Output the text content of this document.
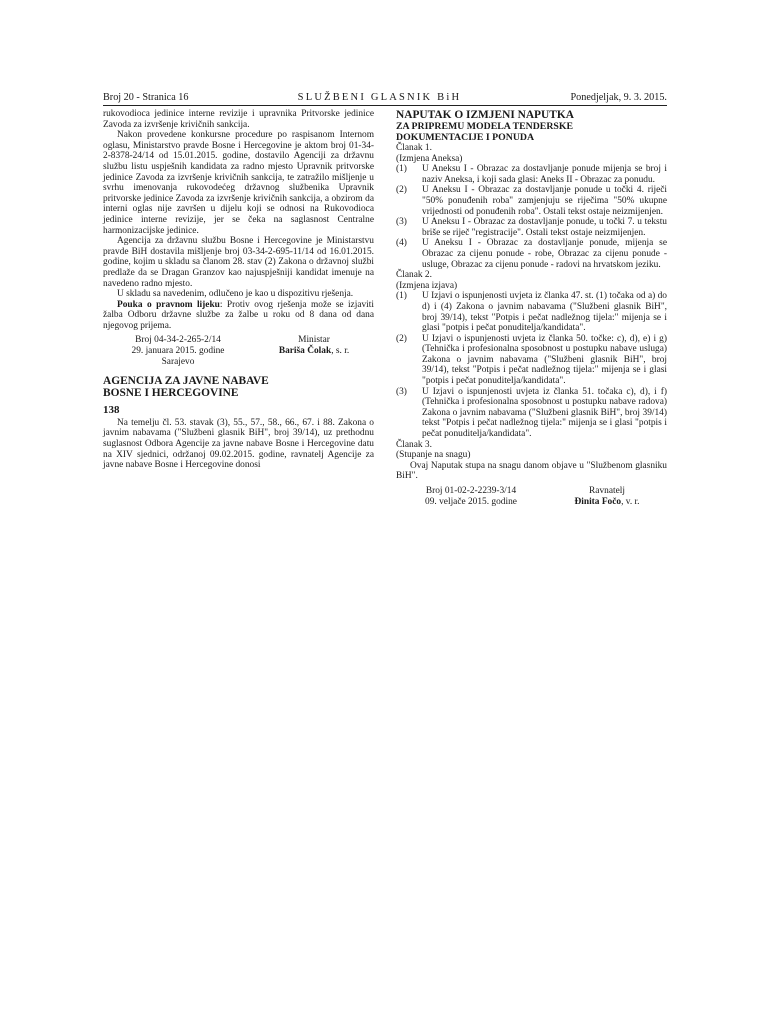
Broj 20 - Stranica 16	SLUŽBENI GLASNIK BiH	Ponedjeljak, 9. 3. 2015.

rukovodioca jedinice interne revizije i upravnika Pritvorske jedinice Zavoda za izvršenje krivičnih sankcija.

Nakon provedene konkursne procedure po raspisanom Internom oglasu, Ministarstvo pravde Bosne i Hercegovine je aktom broj 01-34-2-8378-24/14 od 15.01.2015. godine, dostavilo Agenciji za državnu službu listu uspješnih kandidata za radno mjesto Upravnik pritvorske jedinice Zavoda za izvršenje krivičnih sankcija, te zatražilo mišljenje u svrhu imenovanja rukovodećeg državnog službenika Upravnik pritvorske jedinice Zavoda za izvršenje krivičnih sankcija, a obzirom da interni oglas nije završen u dijelu koji se odnosi na Rukovodioca jedinice interne revizije, jer se čeka na saglasnost Centralne harmonizacijske jedinice.

Agencija za državnu službu Bosne i Hercegovine je Ministarstvu pravde BiH dostavila mišljenje broj 03-34-2-695-11/14 od 16.01.2015. godine, kojim u skladu sa članom 28. stav (2) Zakona o državnoj službi predlaže da se Dragan Granzov kao najuspješniji kandidat imenuje na navedeno radno mjesto.

U skladu sa navedenim, odlučeno je kao u dispozitivu rješenja.

Pouka o pravnom lijeku: Protiv ovog rješenja može se izjaviti žalba Odboru državne službe za žalbe u roku od 8 dana od dana njegovog prijema.

Broj 04-34-2-265-2/14	Ministar
29. januara 2015. godine	Bariša Čolak, s. r.
Sarajevo

AGENCIJA ZA JAVNE NABAVE

BOSNE I HERCEGOVINE

138

Na temelju čl. 53. stavak (3), 55., 57., 58., 66., 67. i 88. Zakona o javnim nabavama ("Službeni glasnik BiH", broj 39/14), uz prethodnu suglasnost Odbora Agencije za javne nabave Bosne i Hercegovine datu na XIV sjednici, održanoj 09.02.2015. godine, ravnatelj Agencije za javne nabave Bosne i Hercegovine donosi

NAPUTAK O IZMJENI NAPUTKA

ZA PRIPREMU MODELA TENDERSKE

DOKUMENTACIJE I PONUDA

Članak 1.

(Izmjena Aneksa)

(1)	U Aneksu I - Obrazac za dostavljanje ponude mijenja se broj i naziv Aneksa, i koji sada glasi: Aneks II - Obrazac za ponudu.
(2)	U Aneksu I - Obrazac za dostavljanje ponude u točki 4. riječi "50% ponuđenih roba" zamjenjuju se riječima "50% ukupne vrijednosti od ponuđenih roba". Ostali tekst ostaje neizmijenjen.
(3)	U Aneksu I - Obrazac za dostavljanje ponude, u točki 7. u tekstu briše se riječ "registracije". Ostali tekst ostaje neizmijenjen.
(4)	U Aneksu I - Obrazac za dostavljanje ponude, mijenja se Obrazac za cijenu ponude - robe, Obrazac za cijenu ponude - usluge, Obrazac za cijenu ponude - radovi na hrvatskom jeziku.

Članak 2.

(Izmjena izjava)

(1)	U Izjavi o ispunjenosti uvjeta iz članka 47. st. (1) točaka od a) do d) i (4) Zakona o javnim nabavama ("Službeni glasnik BiH", broj 39/14), tekst "Potpis i pečat nadležnog tijela:" mijenja se i glasi "potpis i pečat ponuditelja/kandidata".
(2)	U Izjavi o ispunjenosti uvjeta iz članka 50. točke: c), d), e) i g) (Tehnička i profesionalna sposobnost u postupku nabave usluga) Zakona o javnim nabavama ("Službeni glasnik BiH", broj 39/14), tekst "Potpis i pečat nadležnog tijela:" mijenja se i glasi "potpis i pečat ponuditelja/kandidata".
(3)	U Izjavi o ispunjenosti uvjeta iz članka 51. točaka c), d), i f) (Tehnička i profesionalna sposobnost u postupku nabave radova) Zakona o javnim nabavama ("Službeni glasnik BiH", broj 39/14) tekst "Potpis i pečat nadležnog tijela:" mijenja se i glasi "potpis i pečat ponuditelja/kandidata".

Članak 3.

(Stupanje na snagu)

Ovaj Naputak stupa na snagu danom objave u "Službenom glasniku BiH".

Broj 01-02-2-2239-3/14	Ravnatelj
09. veljače 2015. godine	Đinita Fočo, v. r.
